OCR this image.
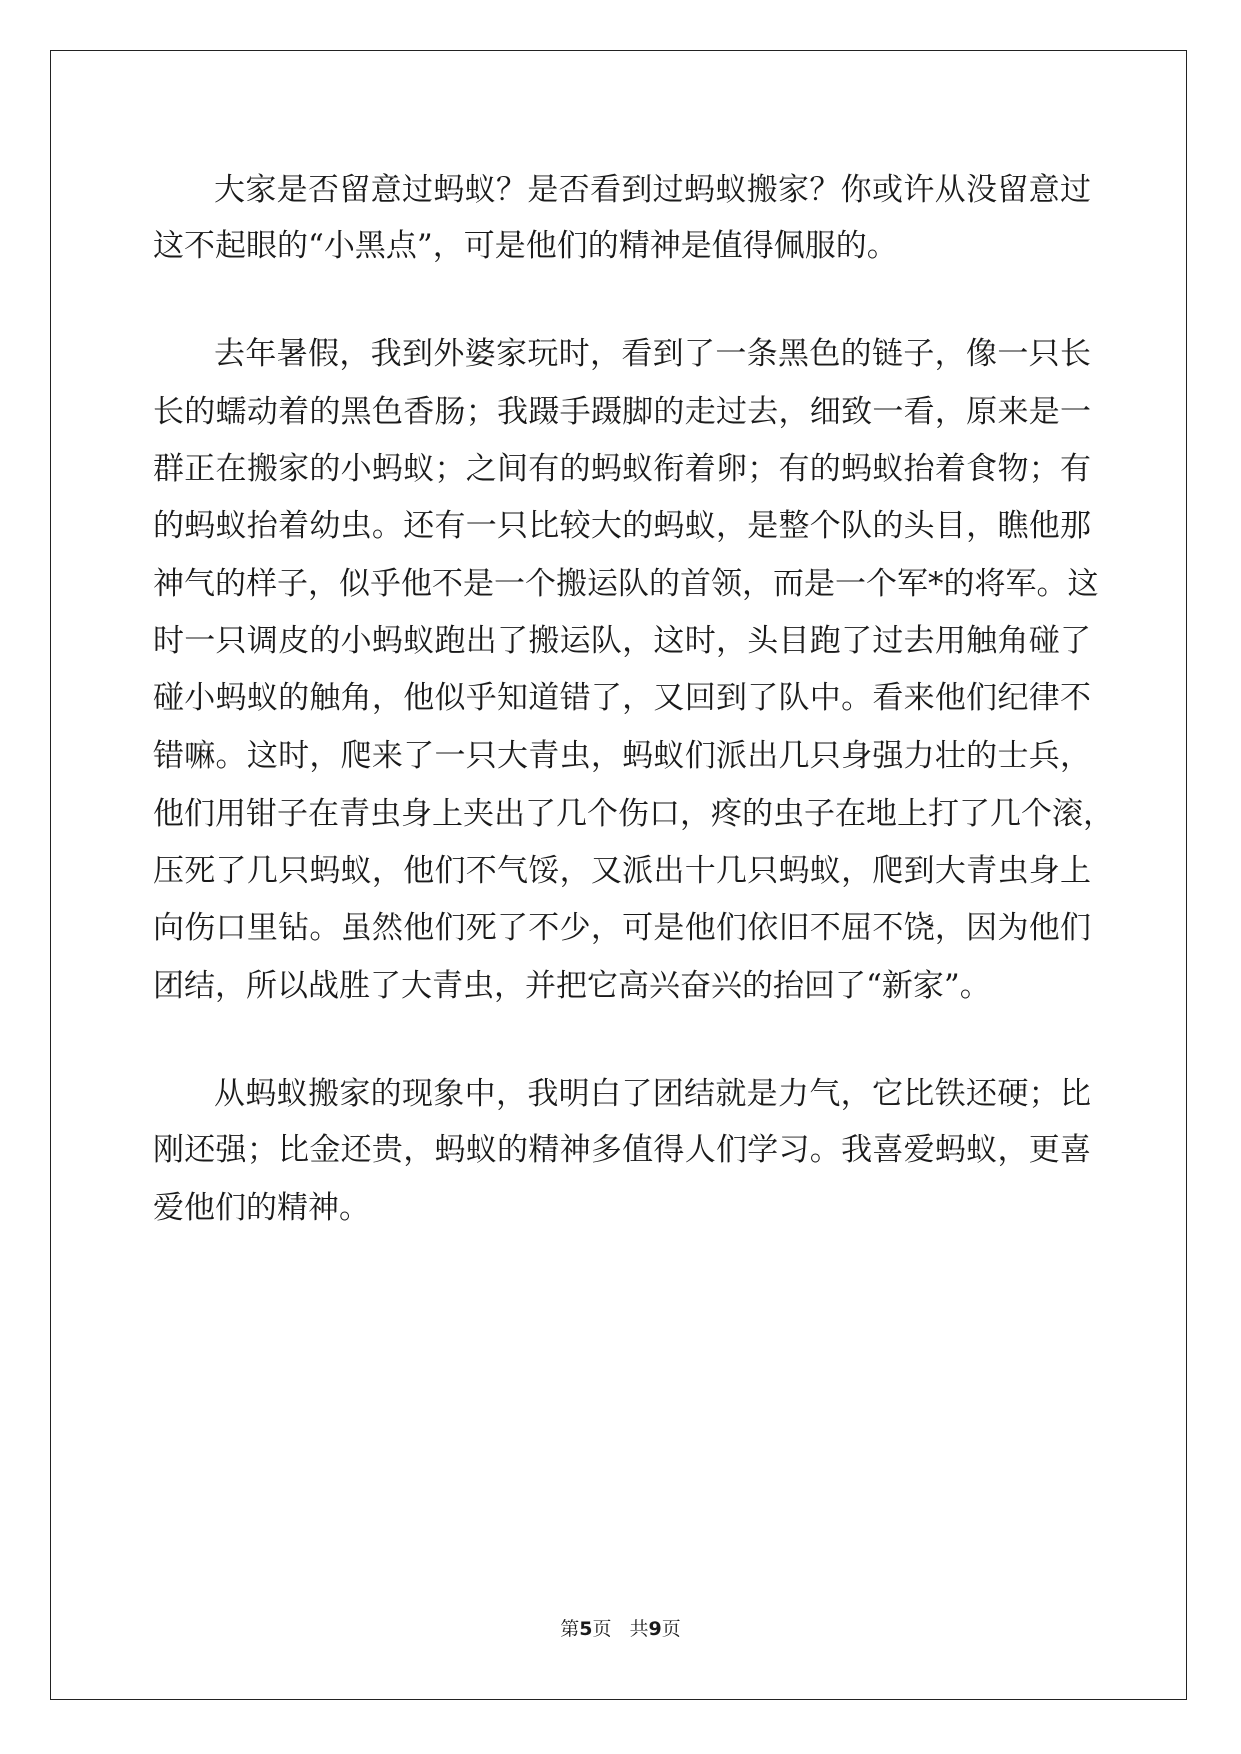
大家是否留意过蚂蚁？是否看到过蚂蚁搬家？你或许从没留意过
这不起眼的“小黑点”，可是他们的精神是值得佩服的。
去年暑假，我到外婆家玩时，看到了一条黑色的链子，像一只长
长的蠕动着的黑色香肠；我蹑手蹑脚的走过去，细致一看，原来是一
群正在搬家的小蚂蚁；之间有的蚂蚁衔着卵；有的蚂蚁抬着食物；有
的蚂蚁抬着幼虫。还有一只比较大的蚂蚁，是整个队的头目，瞧他那
神气的样子，似乎他不是一个搬运队的首领，而是一个军*的将军。这
时一只调皮的小蚂蚁跑出了搬运队，这时，头目跑了过去用触角碰了
碰小蚂蚁的触角，他似乎知道错了，又回到了队中。看来他们纪律不
错嘛。这时，爬来了一只大青虫，蚂蚁们派出几只身强力壮的士兵，
他们用钳子在青虫身上夹出了几个伤口，疼的虫子在地上打了几个滚，
压死了几只蚂蚁，他们不气馁，又派出十几只蚂蚁，爬到大青虫身上
向伤口里钻。虽然他们死了不少，可是他们依旧不屈不饶，因为他们
团结，所以战胜了大青虫，并把它高兴奋兴的抬回了“新家”。
从蚂蚁搬家的现象中，我明白了团结就是力气，它比铁还硬；比
刚还强；比金还贵，蚂蚁的精神多值得人们学习。我喜爱蚂蚁，更喜
爱他们的精神。
第5页 共9页
